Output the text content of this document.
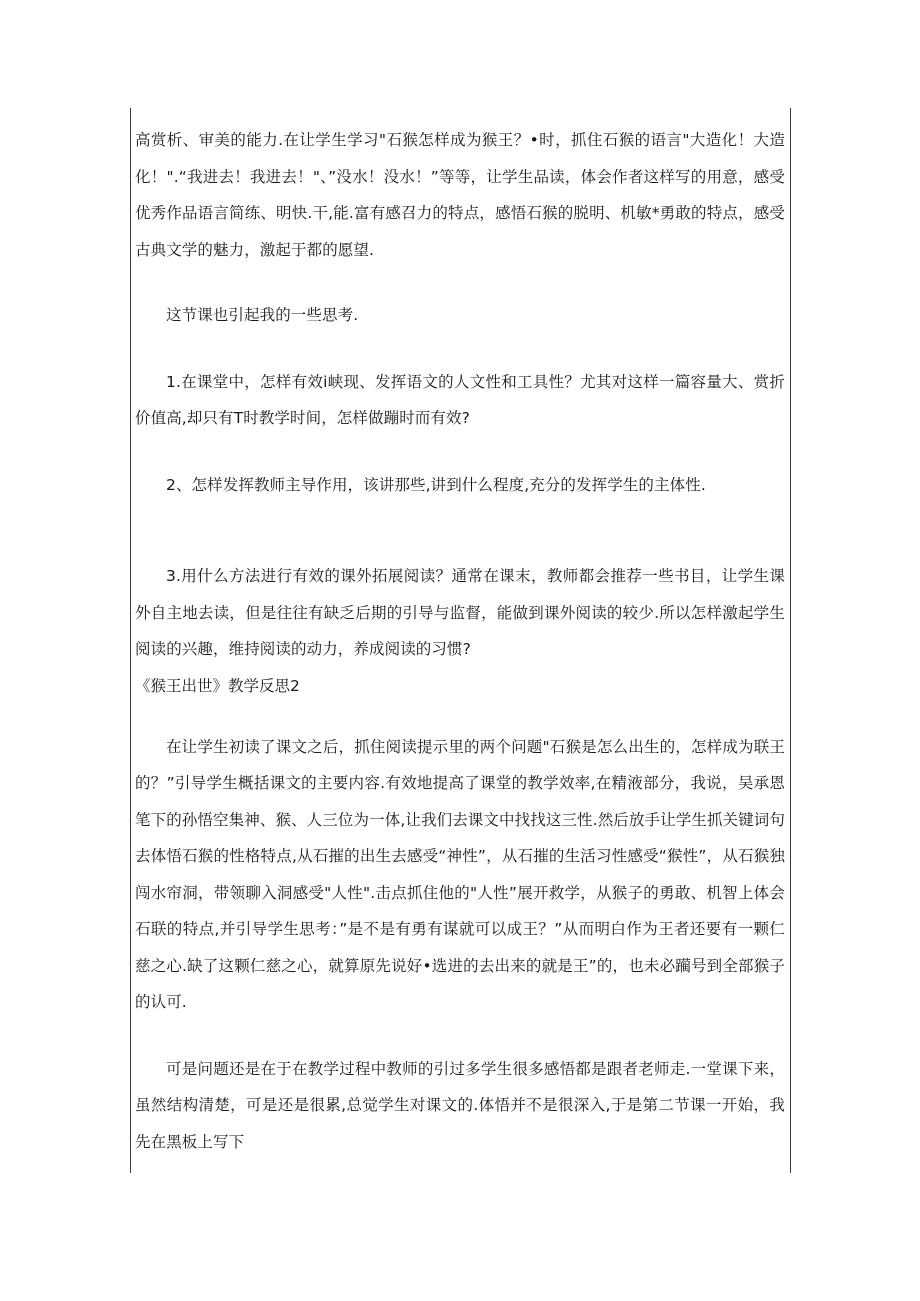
高赏析、审美的能力.在让学生学习"石猴怎样成为猴王？•时，抓住石猴的语言"大造化！大造化！".“我进去！我进去！"、”没水！没水！”等等，让学生品读，体会作者这样写的用意，感受优秀作品语言简练、明快.干,能.富有感召力的特点，感悟石猴的脱明、机敏*勇敢的特点，感受古典文学的魅力，激起于都的愿望.

这节课也引起我的一些思考.

1.在课堂中，怎样有效i峡现、发挥语文的人文性和工具性？尤其对这样一篇容量大、赏折价值高,却只有T时教学时间，怎样做蹦时而有效?

2、怎样发挥教师主导作用，该讲那些,讲到什么程度,充分的发挥学生的主体性.

3.用什么方法进行有效的课外拓展阅读？通常在课末，教师都会推荐一些书目，让学生课外自主地去读，但是往往有缺乏后期的引导与监督，能做到课外阅读的较少.所以怎样激起学生阅读的兴趣，维持阅读的动力，养成阅读的习惯?

《猴王出世》教学反思2

在让学生初读了课文之后，抓住阅读提示里的两个问题"石猴是怎么出生的，怎样成为联王的？”引导学生概括课文的主要内容.有效地提高了课堂的教学效率,在精液部分，我说，吴承恩笔下的孙悟空集神、猴、人三位为一体,让我们去课文中找找这三性.然后放手让学生抓关键词句去体悟石猴的性格特点,从石摧的出生去感受“神性”，从石摧的生活习性感受“猴性”，从石猴独闯水帘洞，带领聊入洞感受"人性".击点抓住他的"人性”展开救学，从猴子的勇敢、机智上体会石联的特点,并引导学生思考：”是不是有勇有谋就可以成王？”从而明白作为王者还要有一颗仁慈之心.缺了这颗仁慈之心，就算原先说好•选进的去出来的就是王”的，也未必躏号到全部猴子的认可.

可是问题还是在于在教学过程中教师的引过多学生很多感悟都是跟者老师走.一堂课下来，虽然结构清楚，可是还是很累,总觉学生对课文的.体悟并不是很深入,于是第二节课一开始，我先在黑板上写下
